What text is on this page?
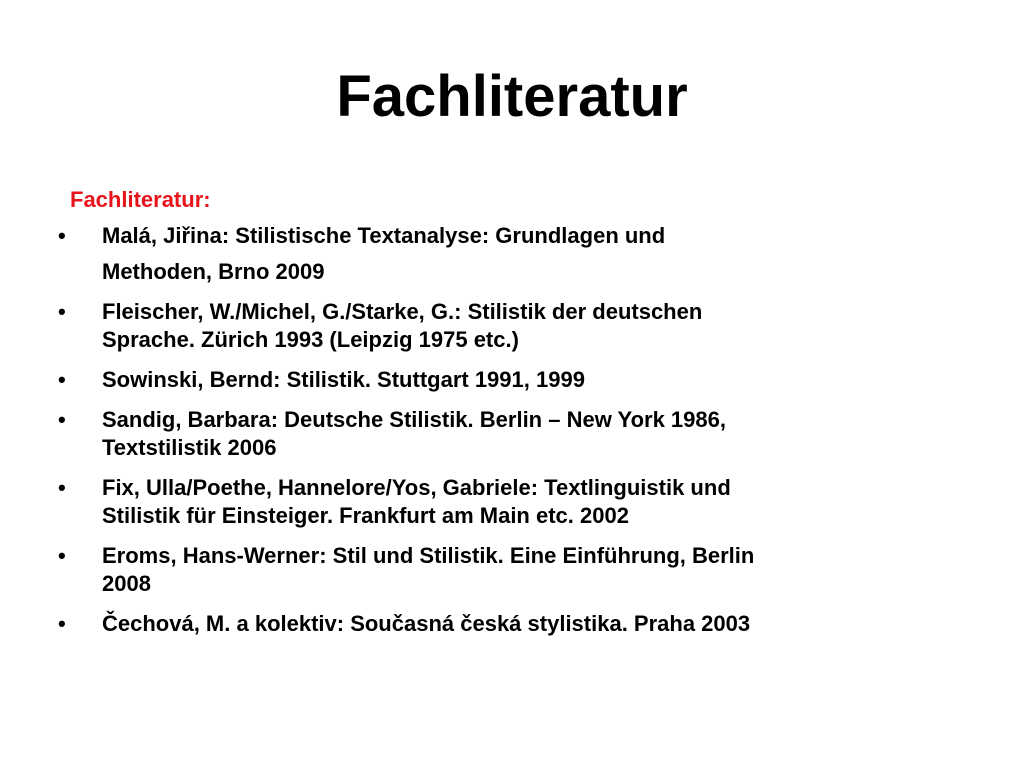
Fachliteratur
Fachliteratur:
• Malá, Jiřina: Stilistische Textanalyse: Grundlagen und
Methoden, Brno 2009
• Fleischer, W./Michel, G./Starke, G.: Stilistik der deutschen
Sprache. Zürich 1993 (Leipzig 1975 etc.)
• Sowinski, Bernd: Stilistik. Stuttgart 1991, 1999
• Sandig, Barbara: Deutsche Stilistik. Berlin – New York 1986,
Textstilistik 2006
• Fix, Ulla/Poethe, Hannelore/Yos, Gabriele: Textlinguistik und
Stilistik für Einsteiger. Frankfurt am Main etc. 2002
• Eroms, Hans-Werner: Stil und Stilistik. Eine Einführung, Berlin
2008
• Čechová, M. a kolektiv: Současná česká stylistika. Praha 2003
